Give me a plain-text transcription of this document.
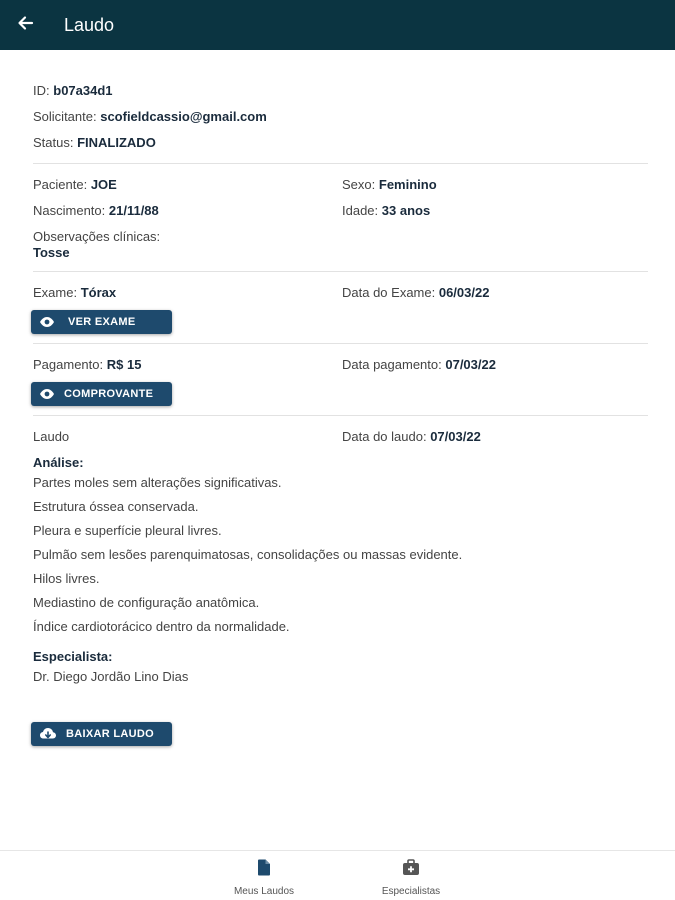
Laudo
ID: b07a34d1
Solicitante: scofieldcassio@gmail.com
Status: FINALIZADO
Paciente: JOE	Sexo: Feminino
Nascimento: 21/11/88	Idade: 33 anos
Observações clínicas:
Tosse
Exame: Tórax	Data do Exame: 06/03/22
VER EXAME
Pagamento: R$ 15	Data pagamento: 07/03/22
COMPROVANTE
Laudo	Data do laudo: 07/03/22
Análise:
Partes moles sem alterações significativas.
Estrutura óssea conservada.
Pleura e superfície pleural livres.
Pulmão sem lesões parenquimatosas, consolidações ou massas evidente.
Hilos livres.
Mediastino de configuração anatômica.
Índice cardiotorácico dentro da normalidade.
Especialista:
Dr. Diego Jordão Lino Dias
BAIXAR LAUDO
Meus Laudos	Especialistas
